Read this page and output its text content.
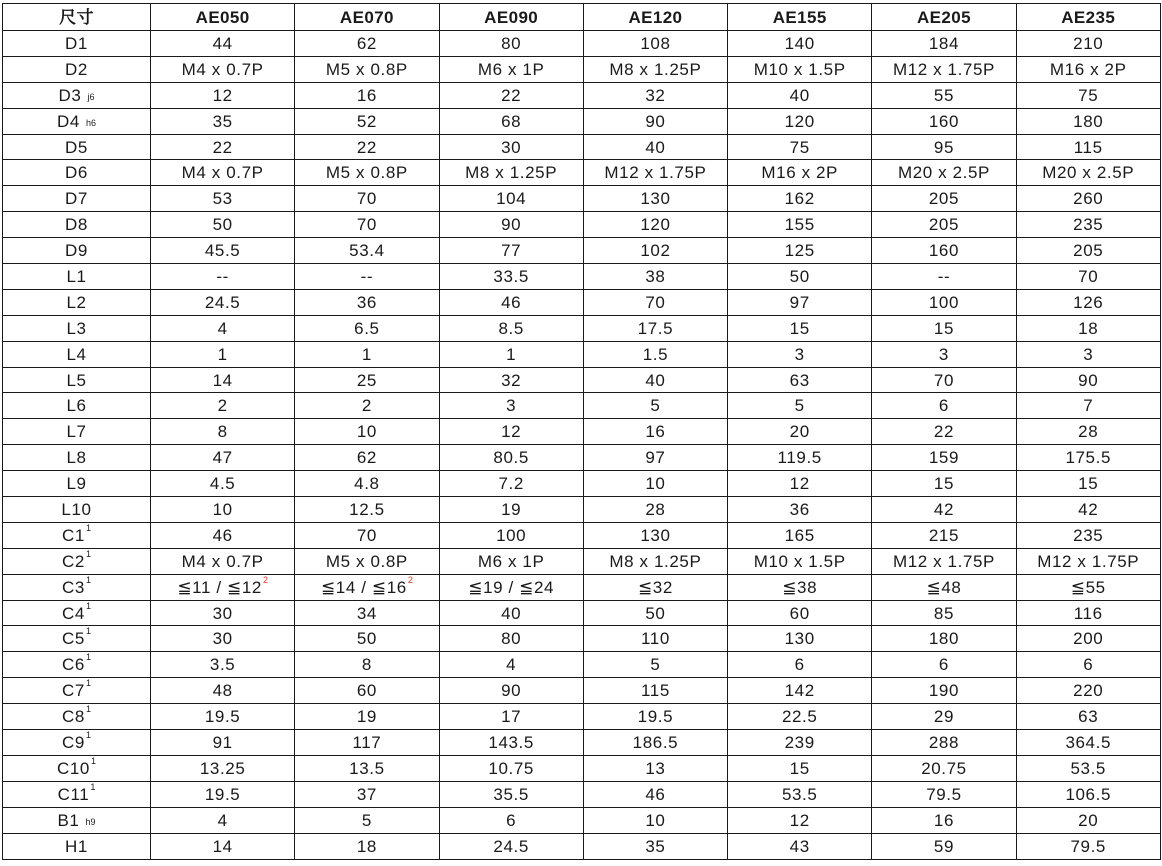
尺寸	AE050	AE070	AE090	AE120	AE155	AE205	AE235
D1	44	62	80	108	140	184	210
D2	M4 x 0.7P	M5 x 0.8P	M6 x 1P	M8 x 1.25P	M10 x 1.5P	M12 x 1.75P	M16 x 2P
D3 j6	12	16	22	32	40	55	75
D4 h6	35	52	68	90	120	160	180
D5	22	22	30	40	75	95	115
D6	M4 x 0.7P	M5 x 0.8P	M8 x 1.25P	M12 x 1.75P	M16 x 2P	M20 x 2.5P	M20 x 2.5P
D7	53	70	104	130	162	205	260
D8	50	70	90	120	155	205	235
D9	45.5	53.4	77	102	125	160	205
L1	--	--	33.5	38	50	--	70
L2	24.5	36	46	70	97	100	126
L3	4	6.5	8.5	17.5	15	15	18
L4	1	1	1	1.5	3	3	3
L5	14	25	32	40	63	70	90
L6	2	2	3	5	5	6	7
L7	8	10	12	16	20	22	28
L8	47	62	80.5	97	119.5	159	175.5
L9	4.5	4.8	7.2	10	12	15	15
L10	10	12.5	19	28	36	42	42
$C1^1$	46	70	100	130	165	215	235
$C2^1$	M4 x 0.7P	M5 x 0.8P	M6 x 1P	M8 x 1.25P	M10 x 1.5P	M12 x 1.75P	M12 x 1.75P
$C3^1$	≦11 / $≦12^2$	≦14 / $≦16^2$	≦19 / ≦24	≦32	≦38	≦48	≦55
$C4^1$	30	34	40	50	60	85	116
$C5^1$	30	50	80	110	130	180	200
$C6^1$	3.5	8	4	5	6	6	6
$C7^1$	48	60	90	115	142	190	220
$C8^1$	19.5	19	17	19.5	22.5	29	63
$C9^1$	91	117	143.5	186.5	239	288	364.5
$C10^1$	13.25	13.5	10.75	13	15	20.75	53.5
$C11^1$	19.5	37	35.5	46	53.5	79.5	106.5
B1 h9	4	5	6	10	12	16	20
H1	14	18	24.5	35	43	59	79.5
